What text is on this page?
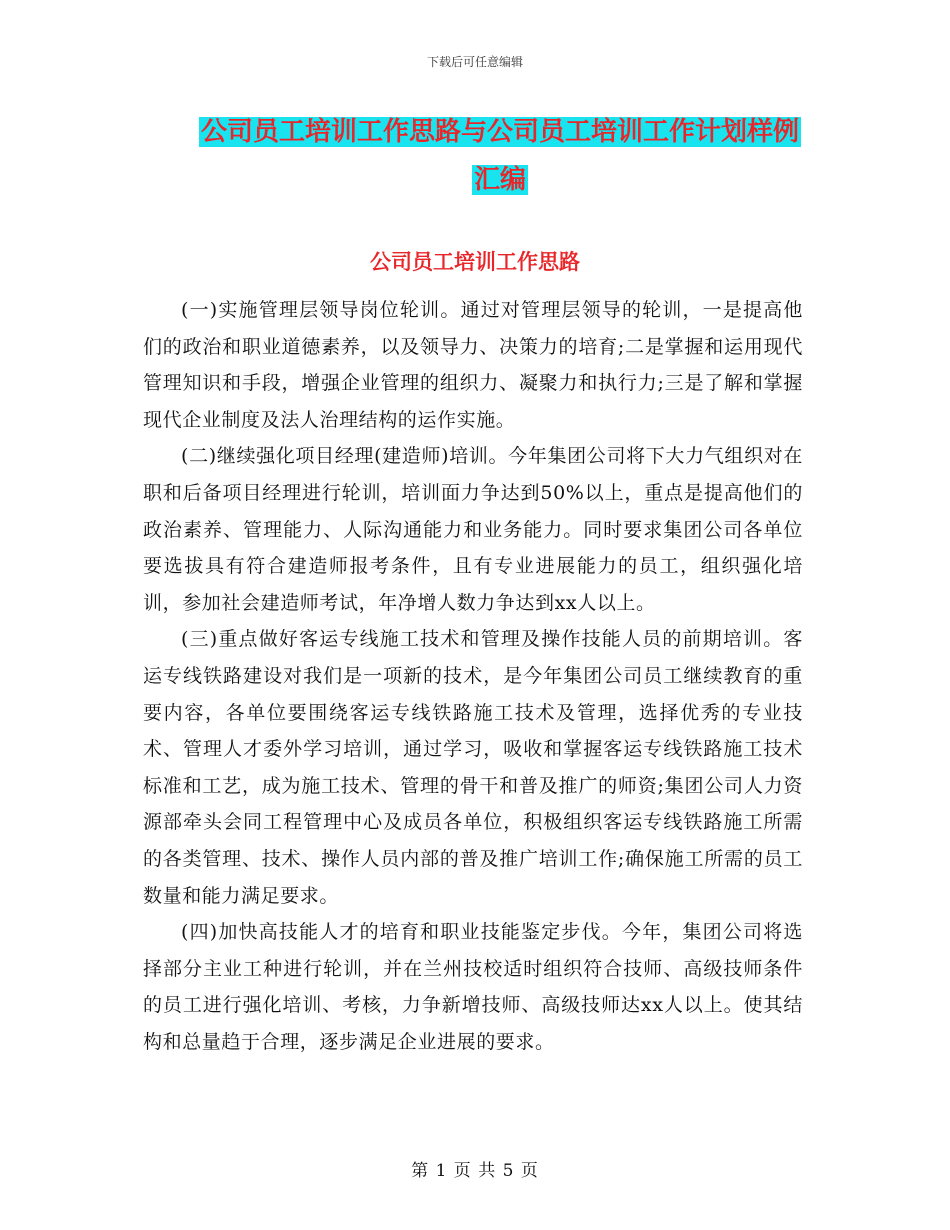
下载后可任意编辑
公司员工培训工作思路与公司员工培训工作计划样例
汇编
公司员工培训工作思路

(一)实施管理层领导岗位轮训。通过对管理层领导的轮训，一是提高他们的政治和职业道德素养，以及领导力、决策力的培育;二是掌握和运用现代管理知识和手段，增强企业管理的组织力、凝聚力和执行力;三是了解和掌握现代企业制度及法人治理结构的运作实施。

(二)继续强化项目经理(建造师)培训。今年集团公司将下大力气组织对在职和后备项目经理进行轮训，培训面力争达到50%以上，重点是提高他们的政治素养、管理能力、人际沟通能力和业务能力。同时要求集团公司各单位要选拔具有符合建造师报考条件，且有专业进展能力的员工，组织强化培训，参加社会建造师考试，年净增人数力争达到xx人以上。

(三)重点做好客运专线施工技术和管理及操作技能人员的前期培训。客运专线铁路建设对我们是一项新的技术，是今年集团公司员工继续教育的重要内容，各单位要围绕客运专线铁路施工技术及管理，选择优秀的专业技术、管理人才委外学习培训，通过学习，吸收和掌握客运专线铁路施工技术标准和工艺，成为施工技术、管理的骨干和普及推广的师资;集团公司人力资源部牵头会同工程管理中心及成员各单位，积极组织客运专线铁路施工所需的各类管理、技术、操作人员内部的普及推广培训工作;确保施工所需的员工数量和能力满足要求。

(四)加快高技能人才的培育和职业技能鉴定步伐。今年，集团公司将选择部分主业工种进行轮训，并在兰州技校适时组织符合技师、高级技师条件的员工进行强化培训、考核，力争新增技师、高级技师达xx人以上。使其结构和总量趋于合理，逐步满足企业进展的要求。

第 1 页 共 5 页
